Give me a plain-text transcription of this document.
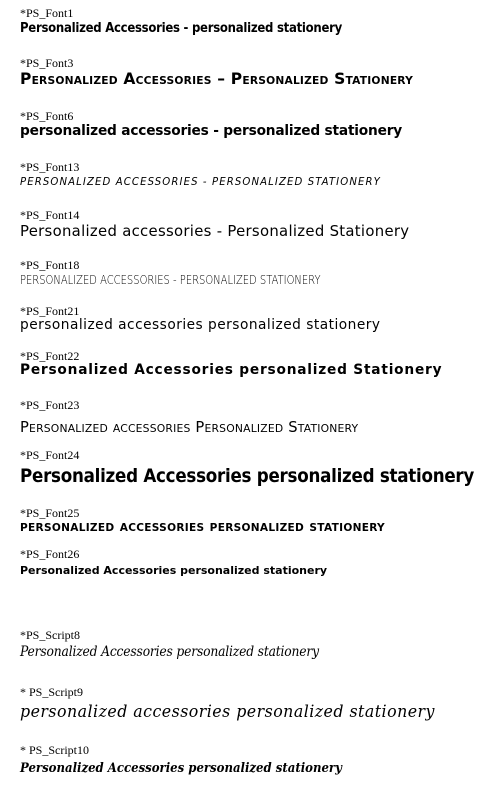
*PS_Font1
Personalized Accessories - personalized stationery
*PS_Font3
Personalized Accessories – Personalized Stationery
*PS_Font6
personalized accessories - personalized stationery
*PS_Font13
PERSONALIZED ACCESSORIES - PERSONALIZED STATIONERY
*PS_Font14
Personalized accessories - Personalized Stationery
*PS_Font18
PERSONALIZED ACCESSORIES - PERSONALIZED STATIONERY
*PS_Font21
personalized accessories personalized stationery
*PS_Font22
Personalized Accessories personalized Stationery
*PS_Font23
Personalized accessories Personalized Stationery
*PS_Font24
Personalized Accessories personalized stationery
*PS_Font25
personalized accessories personalized stationery
*PS_Font26
Personalized Accessories personalized stationery
*PS_Script8
Personalized Accessories personalized stationery
* PS_Script9
personalized accessories personalized stationery
* PS_Script10
Personalized Accessories personalized stationery
